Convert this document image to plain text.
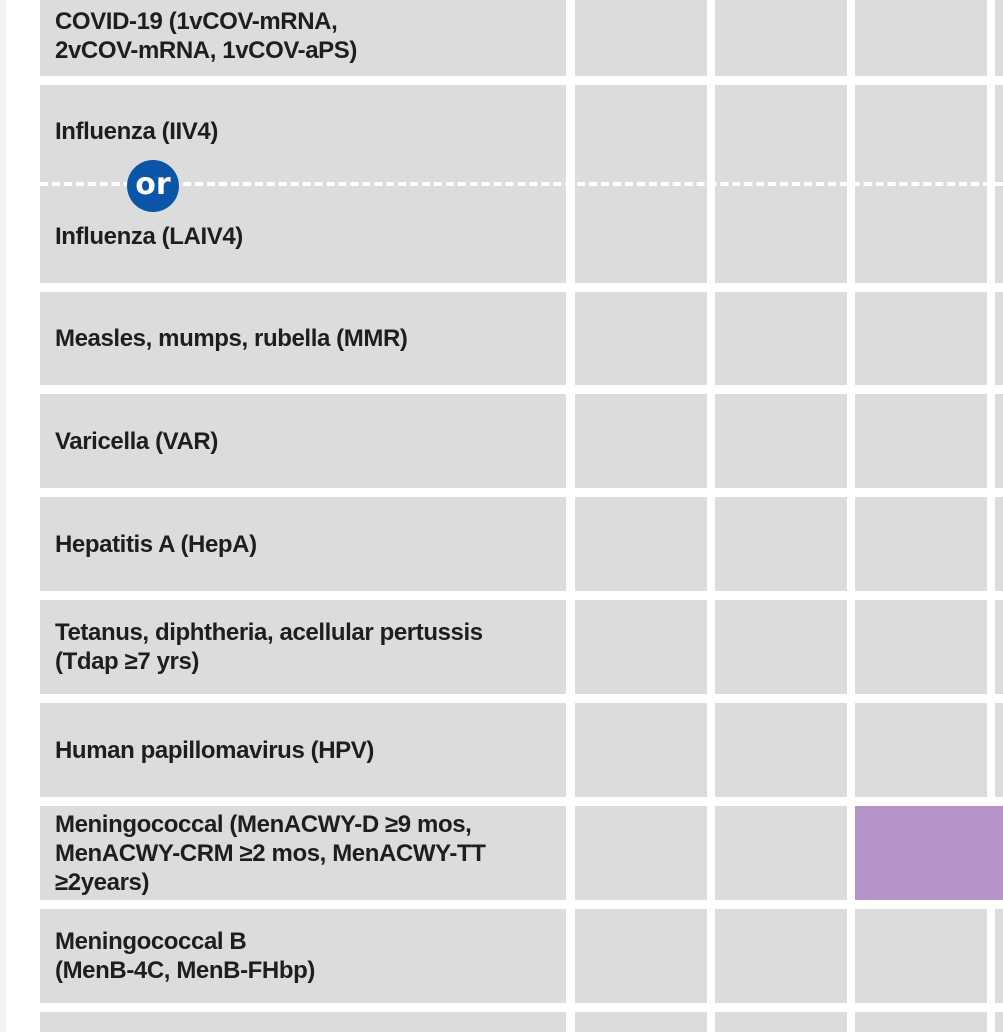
COVID-19 (1vCOV-mRNA,
2vCOV-mRNA, 1vCOV-aPS)
Influenza (IIV4)
or
Influenza (LAIV4)
Measles, mumps, rubella (MMR)
Varicella (VAR)
Hepatitis A (HepA)
Tetanus, diphtheria, acellular pertussis
(Tdap ≥7 yrs)
Human papillomavirus (HPV)
Meningococcal (MenACWY-D ≥9 mos,
MenACWY-CRM ≥2 mos, MenACWY-TT
≥2years)
Meningococcal B
(MenB-4C, MenB-FHbp)
